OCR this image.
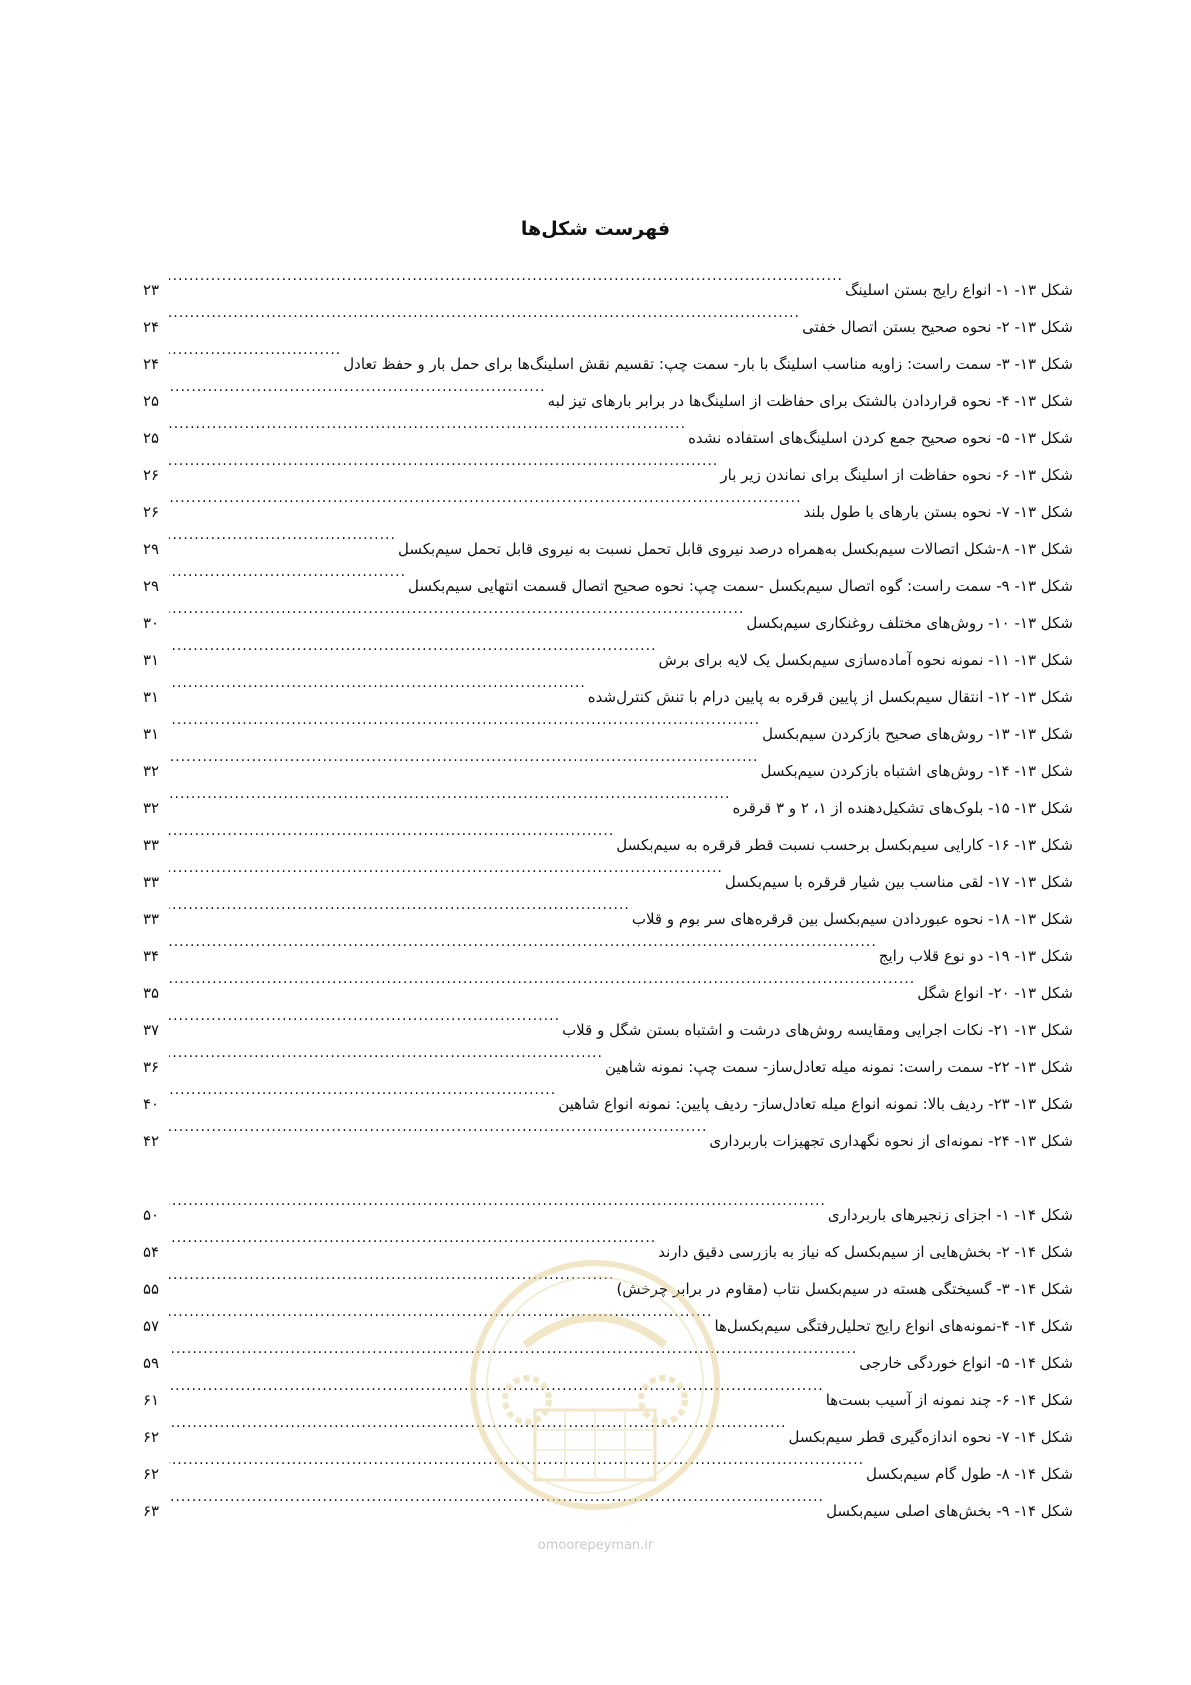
فهرست شکل‌ها
شکل ۱۳- ۱- انواع رایج بستن اسلینگ
.....
۲۳
شکل ۱۳- ۲- نحوه صحیح بستن اتصال خفتی
.....
۲۴
شکل ۱۳- ۳- سمت راست: زاویه مناسب اسلینگ با بار- سمت چپ: تقسیم نقش اسلینگ‌ها برای حمل بار و حفظ تعادل
.....
۲۴
شکل ۱۳- ۴- نحوه قراردادن بالشتک برای حفاظت از اسلینگ‌ها در برابر بارهای تیز لبه
.....
۲۵
شکل ۱۳- ۵- نحوه صحیح جمع کردن اسلینگ‌های استفاده نشده
.....
۲۵
شکل ۱۳- ۶- نحوه حفاظت از اسلینگ برای نماندن زیر بار
.....
۲۶
شکل ۱۳- ۷- نحوه بستن بارهای با طول بلند
.....
۲۶
شکل ۱۳- ۸-شکل اتصالات سیم‌بکسل به‌همراه درصد نیروی قابل تحمل نسبت به نیروی قابل تحمل سیم‌بکسل
.....
۲۹
شکل ۱۳- ۹- سمت راست: گوه اتصال سیم‌بکسل -سمت چپ: نحوه صحیح اتصال قسمت انتهایی سیم‌بکسل
.....
۲۹
شکل ۱۳- ۱۰- روش‌های مختلف روغنکاری سیم‌بکسل
.....
۳۰
شکل ۱۳- ۱۱- نمونه نحوه آماده‌سازی سیم‌بکسل یک لایه برای برش
.....
۳۱
شکل ۱۳- ۱۲- انتقال سیم‌بکسل از پایین قرقره به پایین درام با تنش کنترل‌شده
.....
۳۱
شکل ۱۳- ۱۳- روش‌های صحیح بازکردن سیم‌بکسل
.....
۳۱
شکل ۱۳- ۱۴- روش‌های اشتباه بازکردن سیم‌بکسل
.....
۳۲
شکل ۱۳- ۱۵- بلوک‌های تشکیل‌دهنده از ۱، ۲ و ۳ قرقره
.....
۳۲
شکل ۱۳- ۱۶- کارایی سیم‌بکسل برحسب نسبت قطر قرقره به سیم‌بکسل
.....
۳۳
شکل ۱۳- ۱۷- لقی مناسب بین شیار قرقره با سیم‌بکسل
.....
۳۳
شکل ۱۳- ۱۸- نحوه عبوردادن سیم‌بکسل بین قرقره‌های سر بوم و قلاب
.....
۳۳
شکل ۱۳- ۱۹- دو نوع قلاب رایج
.....
۳۴
شکل ۱۳- ۲۰- انواع شگل
.....
۳۵
شکل ۱۳- ۲۱- نکات اجرایی ومقایسه روش‌های درشت و اشتباه بستن شگل و قلاب
.....
۳۷
شکل ۱۳- ۲۲- سمت راست: نمونه میله تعادل‌ساز- سمت چپ: نمونه شاهین
.....
۳۶
شکل ۱۳- ۲۳- ردیف بالا: نمونه انواع میله تعادل‌ساز- ردیف پایین: نمونه انواع شاهین
.....
۴۰
شکل ۱۳- ۲۴- نمونه‌ای از نحوه نگهداری تجهیزات باربرداری
.....
۴۲
شکل ۱۴- ۱- اجزای زنجیرهای باربرداری
.....
۵۰
شکل ۱۴- ۲- بخش‌هایی از سیم‌بکسل که نیاز به بازرسی دقیق دارند
.....
۵۴
شکل ۱۴- ۳- گسیختگی هسته در سیم‌بکسل نتاب (مقاوم در برابر چرخش)
.....
۵۵
شکل ۱۴- ۴-نمونه‌های انواع رایج تحلیل‌رفتگی سیم‌بکسل‌ها
.....
۵۷
شکل ۱۴- ۵- انواع خوردگی خارجی
.....
۵۹
شکل ۱۴- ۶- چند نمونه از آسیب بست‌ها
.....
۶۱
شکل ۱۴- ۷- نحوه اندازه‌گیری قطر سیم‌بکسل
.....
۶۲
شکل ۱۴- ۸- طول گام سیم‌بکسل
.....
۶۲
شکل ۱۴- ۹- بخش‌های اصلی سیم‌بکسل
.....
۶۳
omoorepeyman.ir
